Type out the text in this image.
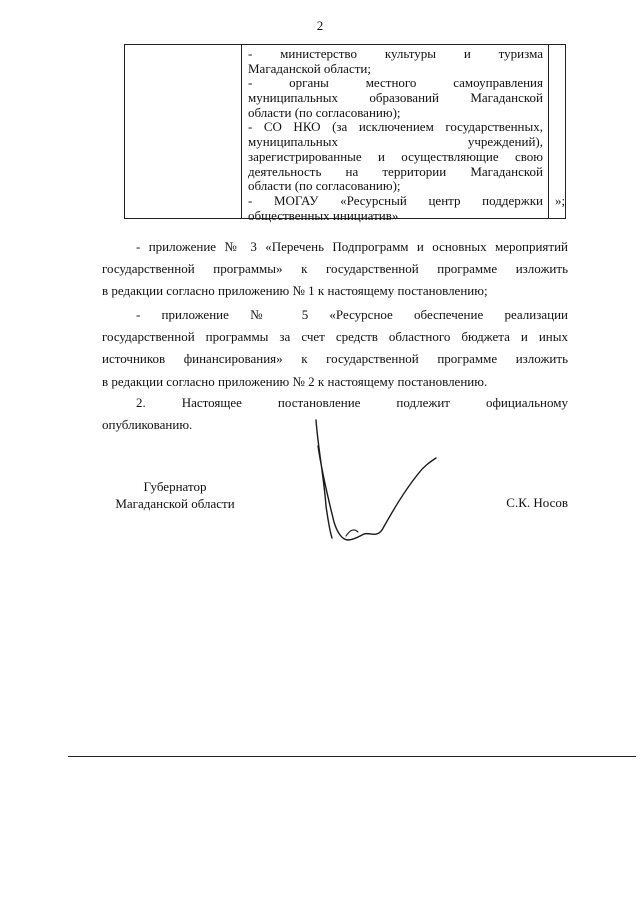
2
- министерство культуры и туризма
Магаданской области;
- органы местного самоуправления
муниципальных образований Магаданской
области (по согласованию);
- СО НКО (за исключением государственных,
муниципальных учреждений),
зарегистрированные и осуществляющие свою
деятельность на территории Магаданской
области (по согласованию);
- МОГАУ «Ресурсный центр поддержки
общественных инициатив»
»;
- приложение № 3 «Перечень Подпрограмм и основных мероприятий
государственной программы» к государственной программе изложить
в редакции согласно приложению № 1 к настоящему постановлению;
- приложение № 5 «Ресурсное обеспечение реализации
государственной программы за счет средств областного бюджета и иных
источников финансирования» к государственной программе изложить
в редакции согласно приложению № 2 к настоящему постановлению.
2. Настоящее постановление подлежит официальному
опубликованию.
Губернатор
Магаданской области	С.К. Носов
